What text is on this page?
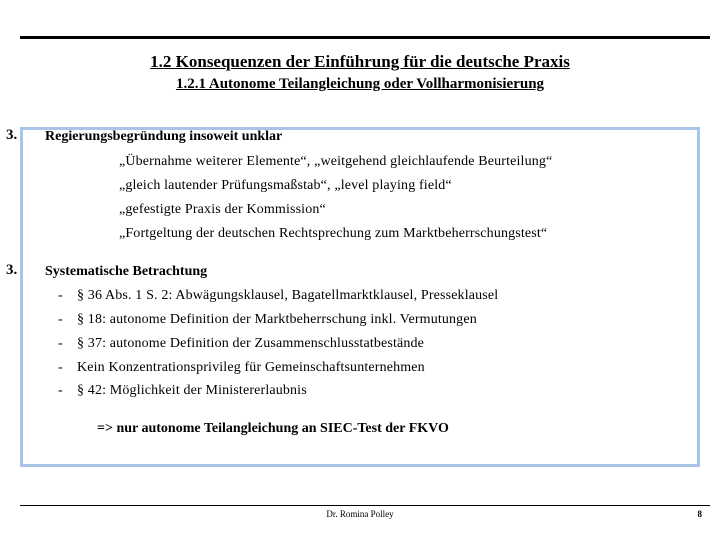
1.2 Konsequenzen der Einführung für die deutsche Praxis
1.2.1 Autonome Teilangleichung oder Vollharmonisierung
3. Regierungsbegründung insoweit unklar
„Übernahme weiterer Elemente“, „weitgehend gleichlaufende Beurteilung“
„gleich lautender Prüfungsmaßstab“, „level playing field“
„gefestigte Praxis der Kommission“
„Fortgeltung der deutschen Rechtsprechung zum Marktbeherrschungstest“
3. Systematische Betrachtung
- § 36 Abs. 1 S. 2: Abwägungsklausel, Bagatellmarktklausel, Presseklausel
- § 18: autonome Definition der Marktbeherrschung inkl. Vermutungen
- § 37: autonome Definition der Zusammenschlusstatbestände
- Kein Konzentrationsprivileg für Gemeinschaftsunternehmen
- § 42: Möglichkeit der Ministererlaubnis
=> nur autonome Teilangleichung an SIEC-Test der FKVO
Dr. Romina Polley	8
